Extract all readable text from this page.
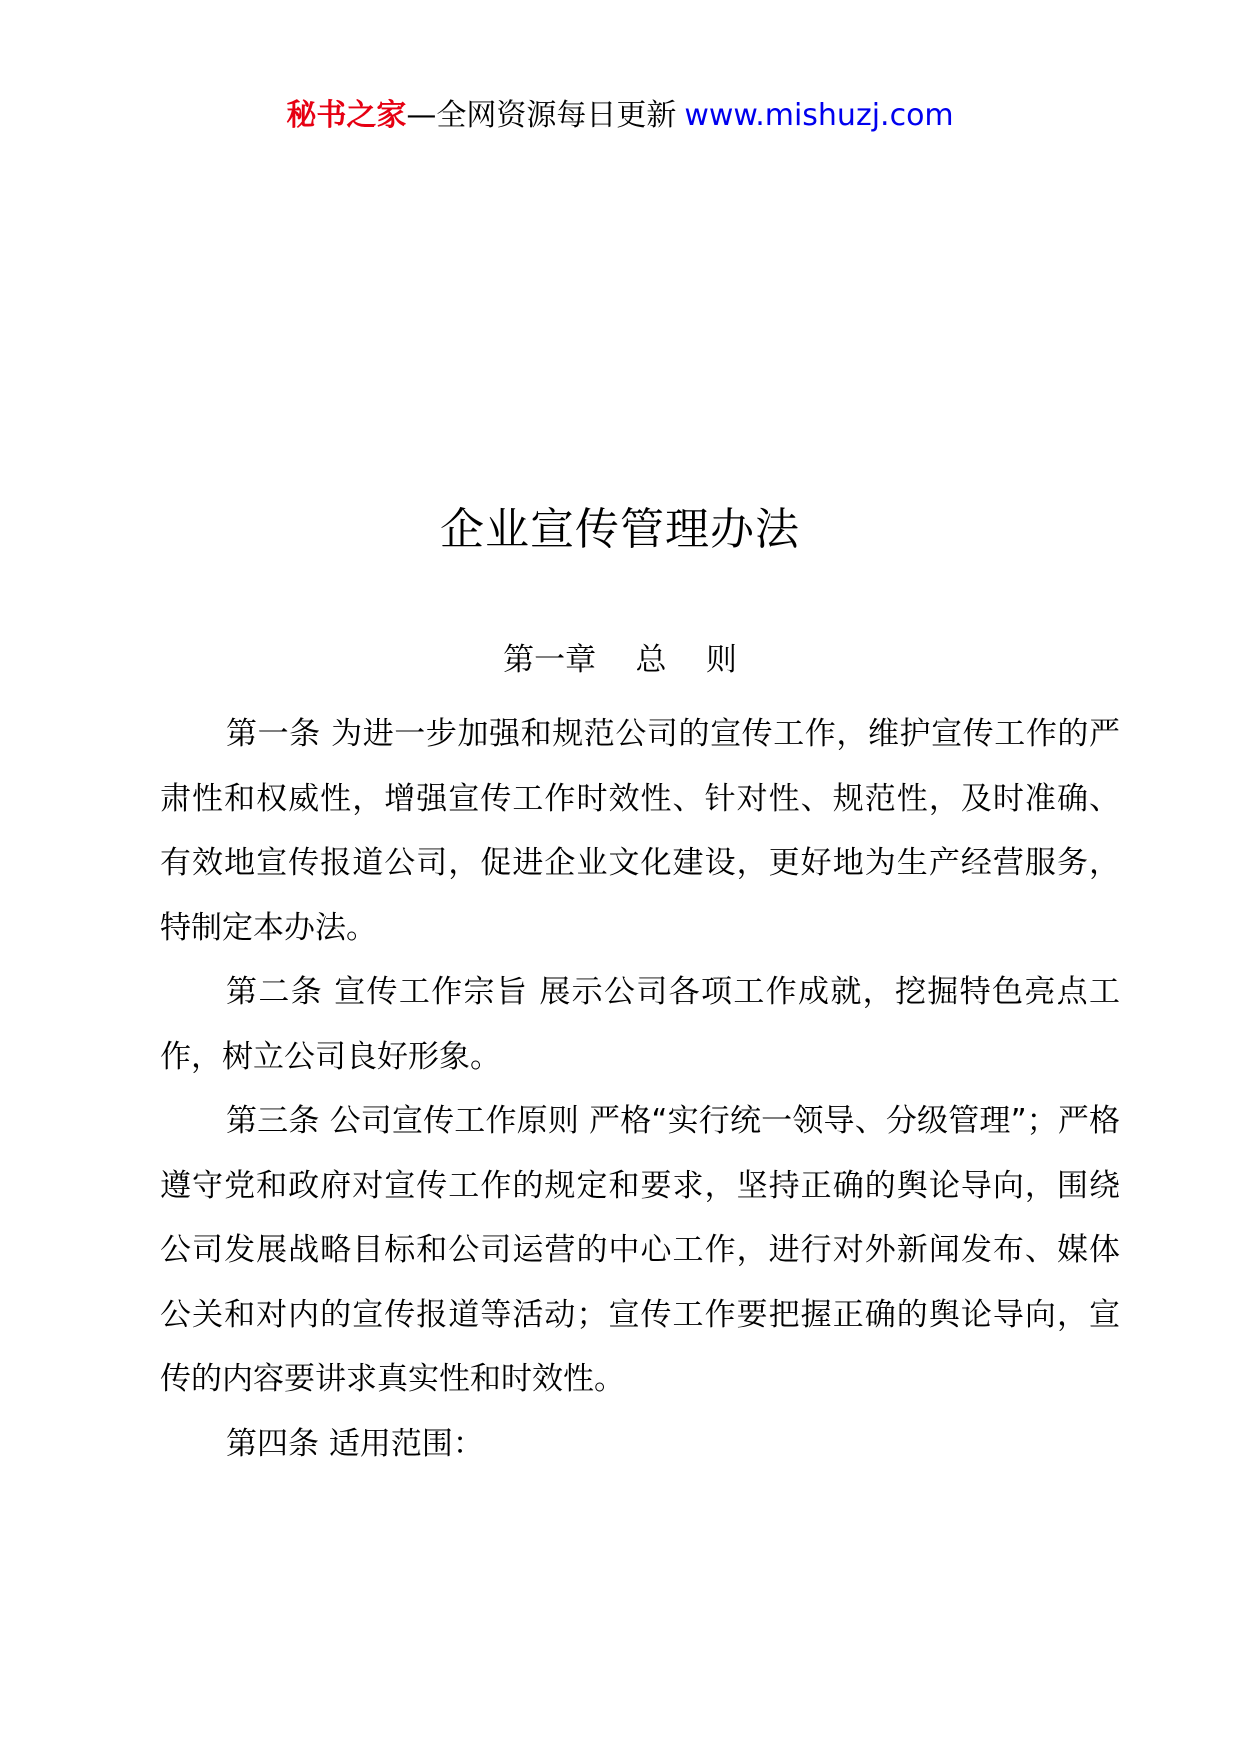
秘书之家—全网资源每日更新 www.mishuzj.com
企业宣传管理办法
第一章    总    则

第一条 为进一步加强和规范公司的宣传工作，维护宣传工作的严肃性和权威性，增强宣传工作时效性、针对性、规范性，及时准确、有效地宣传报道公司，促进企业文化建设，更好地为生产经营服务，特制定本办法。

第二条 宣传工作宗旨 展示公司各项工作成就，挖掘特色亮点工作，树立公司良好形象。

第三条 公司宣传工作原则 严格“实行统一领导、分级管理”；严格遵守党和政府对宣传工作的规定和要求，坚持正确的舆论导向，围绕公司发展战略目标和公司运营的中心工作，进行对外新闻发布、媒体公关和对内的宣传报道等活动；宣传工作要把握正确的舆论导向，宣传的内容要讲求真实性和时效性。

第四条 适用范围：
